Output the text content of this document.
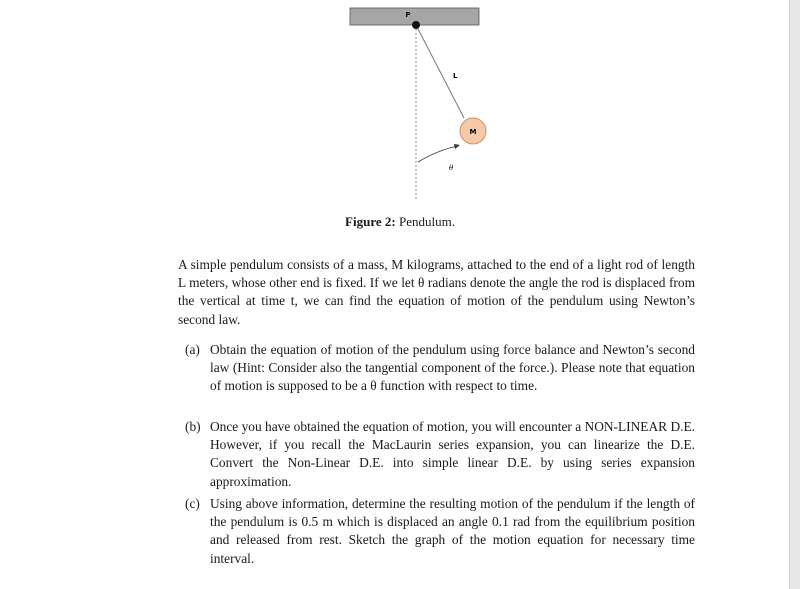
P
L
M
θ
Figure 2: Pendulum.
A simple pendulum consists of a mass, M kilograms, attached to the end of a light rod of length L meters, whose other end is fixed. If we let θ radians denote the angle the rod is displaced from the vertical at time t, we can find the equation of motion of the pendulum using Newton’s second law.
(a) Obtain the equation of motion of the pendulum using force balance and Newton’s second law (Hint: Consider also the tangential component of the force.). Please note that equation of motion is supposed to be a θ function with respect to time.
(b) Once you have obtained the equation of motion, you will encounter a NON-LINEAR D.E. However, if you recall the MacLaurin series expansion, you can linearize the D.E. Convert the Non-Linear D.E. into simple linear D.E. by using series expansion approximation.
(c) Using above information, determine the resulting motion of the pendulum if the length of the pendulum is 0.5 m which is displaced an angle 0.1 rad from the equilibrium position and released from rest. Sketch the graph of the motion equation for necessary time interval.
